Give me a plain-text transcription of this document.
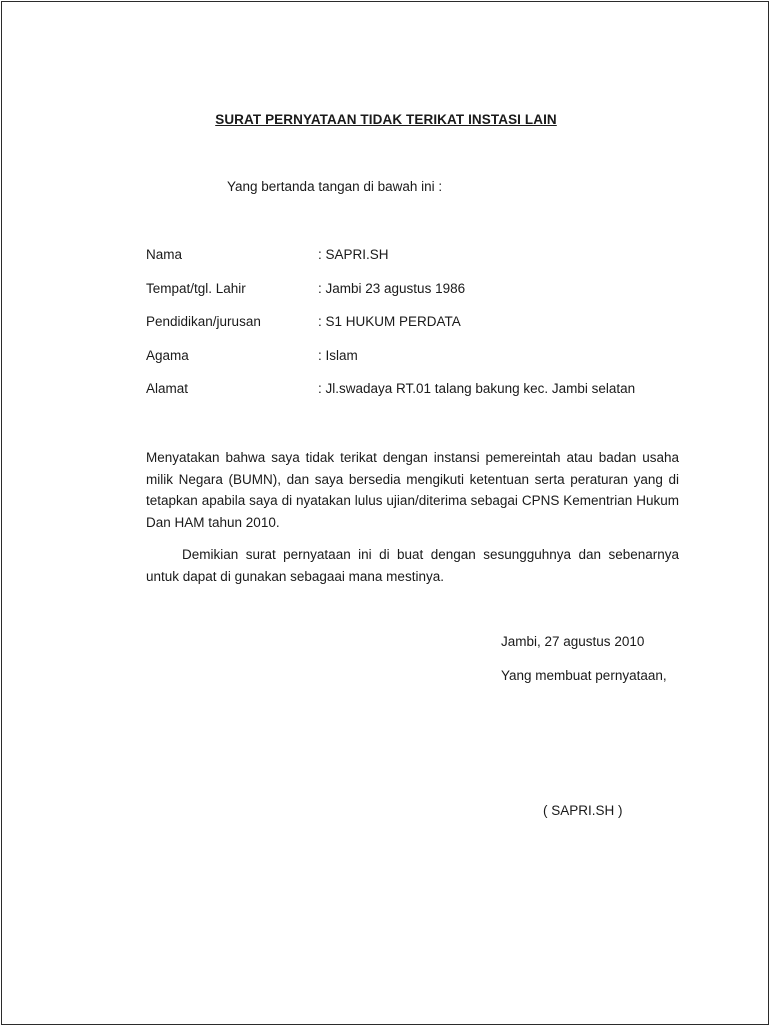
SURAT PERNYATAAN TIDAK TERIKAT INSTASI LAIN
Yang bertanda tangan di bawah ini :
Nama	: SAPRI.SH
Tempat/tgl. Lahir	: Jambi 23 agustus 1986
Pendidikan/jurusan	: S1 HUKUM PERDATA
Agama	: Islam
Alamat	: Jl.swadaya RT.01 talang bakung kec. Jambi selatan
Menyatakan bahwa saya tidak terikat dengan instansi pemereintah atau badan usaha milik Negara (BUMN), dan saya bersedia mengikuti ketentuan serta peraturan yang di tetapkan apabila saya di nyatakan lulus ujian/diterima sebagai CPNS Kementrian Hukum Dan HAM tahun 2010.
Demikian surat pernyataan ini di buat dengan sesungguhnya dan sebenarnya untuk dapat di gunakan sebagaai mana mestinya.
Jambi, 27 agustus 2010
Yang membuat pernyataan,
( SAPRI.SH )
